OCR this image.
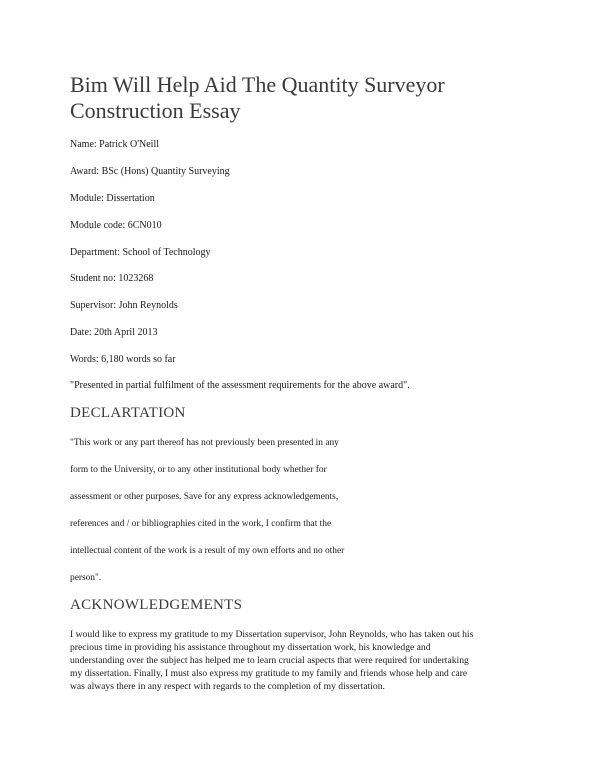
Bim Will Help Aid The Quantity Surveyor
Construction Essay

Name: Patrick O'Neill

Award: BSc (Hons) Quantity Surveying

Module: Dissertation

Module code: 6CN010

Department: School of Technology

Student no: 1023268

Supervisor: John Reynolds

Date: 20th April 2013

Words: 6,180 words so far

"Presented in partial fulfilment of the assessment requirements for the above award".

DECLARTATION

"This work or any part thereof has not previously been presented in any

form to the University, or to any other institutional body whether for

assessment or other purposes. Save for any express acknowledgements,

references and / or bibliographies cited in the work, I confirm that the

intellectual content of the work is a result of my own efforts and no other

person".

ACKNOWLEDGEMENTS

I would like to express my gratitude to my Dissertation supervisor, John Reynolds, who has taken out his

precious time in providing his assistance throughout my dissertation work, his knowledge and

understanding over the subject has helped me to learn crucial aspects that were required for undertaking

my dissertation. Finally, I must also express my gratitude to my family and friends whose help and care

was always there in any respect with regards to the completion of my dissertation.
